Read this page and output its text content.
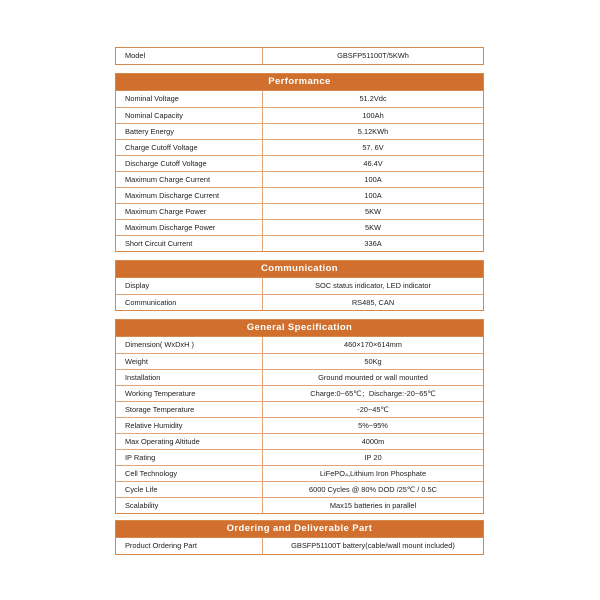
Model	GBSFP51100T/5KWh
Performance
Nominal Voltage	51.2Vdc
Nominal Capacity	100Ah
Battery Energy	5.12KWh
Charge Cutoff Voltage	57. 6V
Discharge Cutoff Voltage	46.4V
Maximum Charge Current	100A
Maximum Discharge Current	100A
Maximum Charge Power	5KW
Maximum Discharge Power	5KW
Short Circuit Current	336A
Communication
Display	SOC status indicator, LED indicator
Communication	RS485, CAN
General Specification
Dimension( WxDxH )	460×170×614mm
Weight	50Kg
Installation	Ground mounted or wall mounted
Working Temperature	Charge:0~65℃；Discharge:-20~65℃
Storage Temperature	-20~45℃
Relative Humidity	5%~95%
Max Operating Altitude	4000m
IP Rating	IP 20
Cell Technology	LiFePO₄,Lithium Iron Phosphate
Cycle Life	6000 Cycles @ 80% DOD /25℃ / 0.5C
Scalability	Max15 batteries in parallel
Ordering and Deliverable Part
Product Ordering Part	GBSFP51100T battery(cable/wall mount included)
